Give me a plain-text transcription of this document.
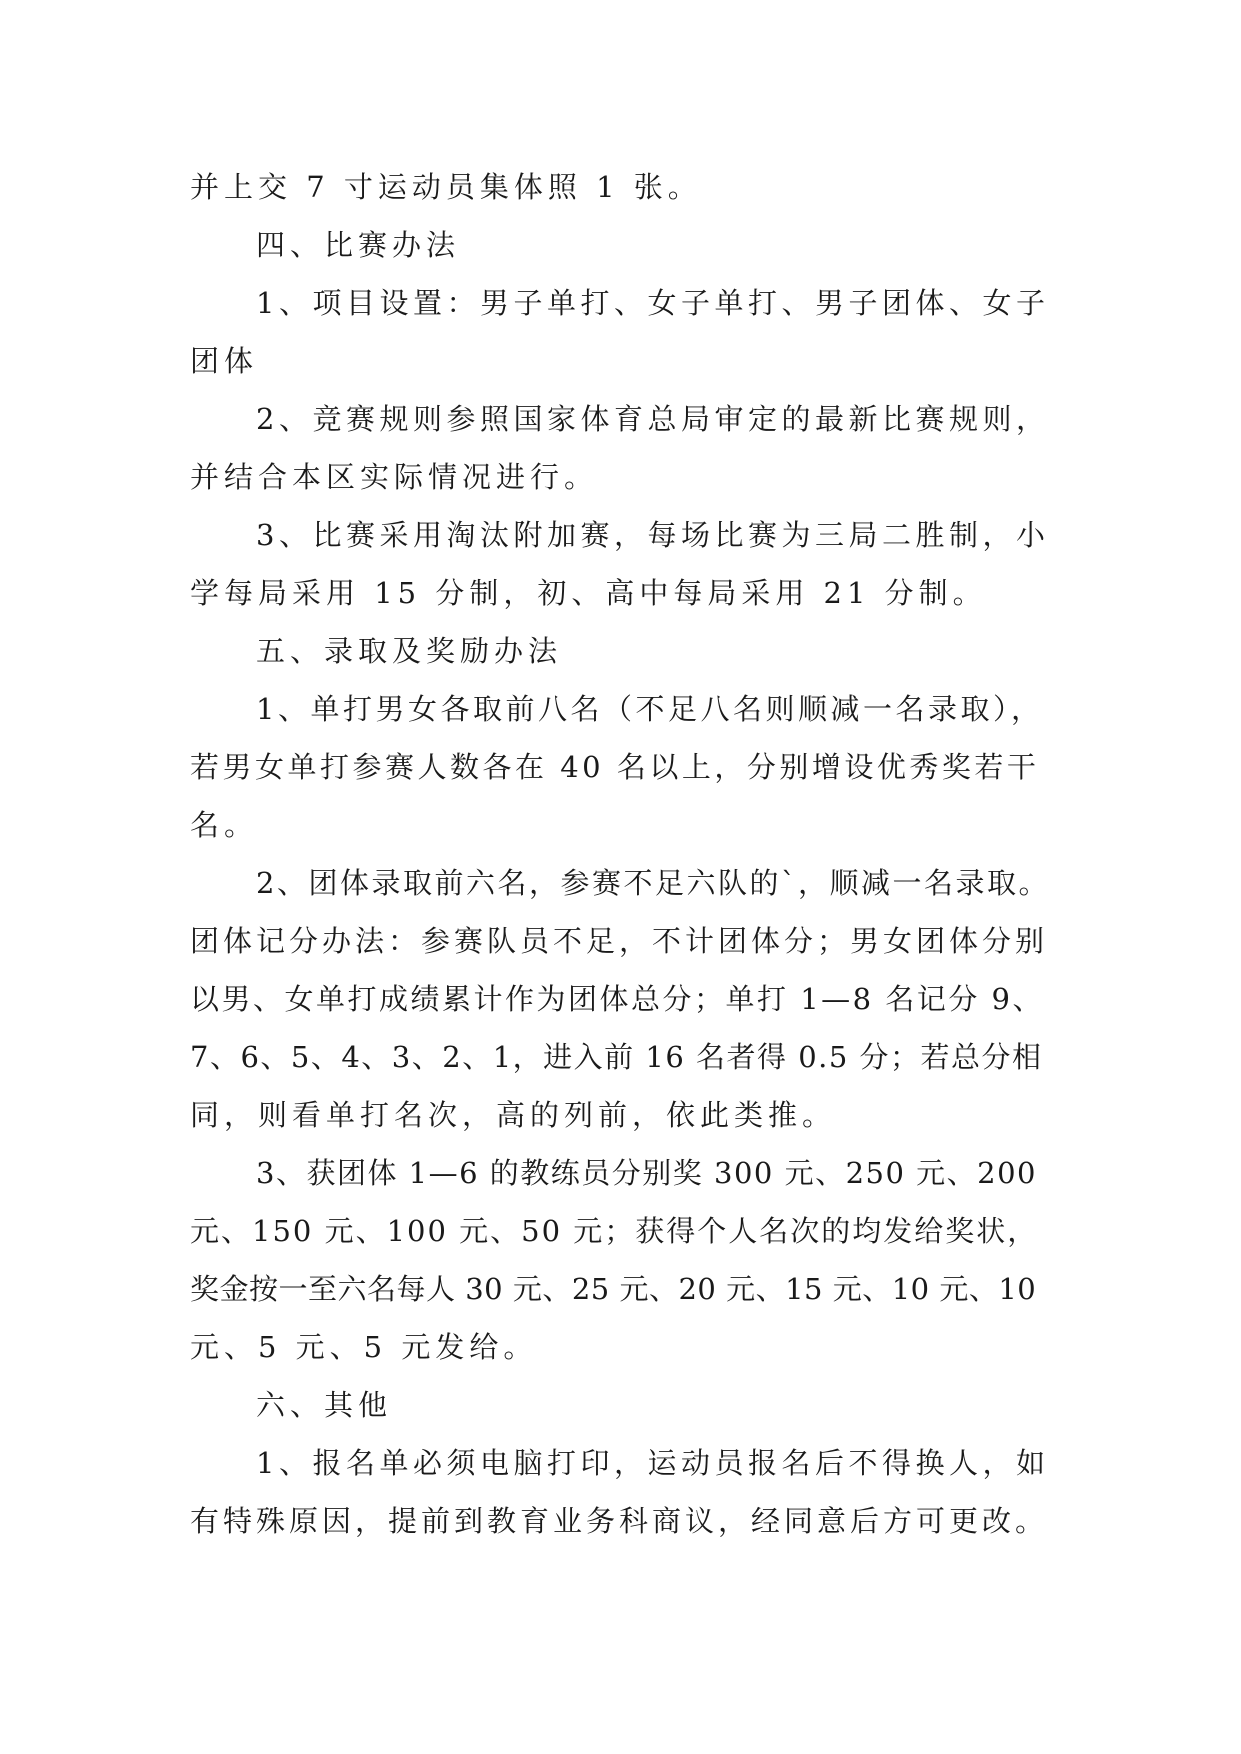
并上交 7 寸运动员集体照 1 张。
四、比赛办法
1、项目设置：男子单打、女子单打、男子团体、女子
团体
2、竞赛规则参照国家体育总局审定的最新比赛规则，
并结合本区实际情况进行。
3、比赛采用淘汰附加赛，每场比赛为三局二胜制，小
学每局采用 15 分制，初、高中每局采用 21 分制。
五、录取及奖励办法
1、单打男女各取前八名（不足八名则顺减一名录取），
若男女单打参赛人数各在 40 名以上，分别增设优秀奖若干
名。
2、团体录取前六名，参赛不足六队的`，顺减一名录取。
团体记分办法：参赛队员不足，不计团体分；男女团体分别
以男、女单打成绩累计作为团体总分；单打 1—8 名记分 9、
7、6、5、4、3、2、1，进入前 16 名者得 0.5 分；若总分相
同，则看单打名次，高的列前，依此类推。
3、获团体 1—6 的教练员分别奖 300 元、250 元、200
元、150 元、100 元、50 元；获得个人名次的均发给奖状，
奖金按一至六名每人 30 元、25 元、20 元、15 元、10 元、10
元、5 元、5 元发给。
六、其他
1、报名单必须电脑打印，运动员报名后不得换人，如
有特殊原因，提前到教育业务科商议，经同意后方可更改。
